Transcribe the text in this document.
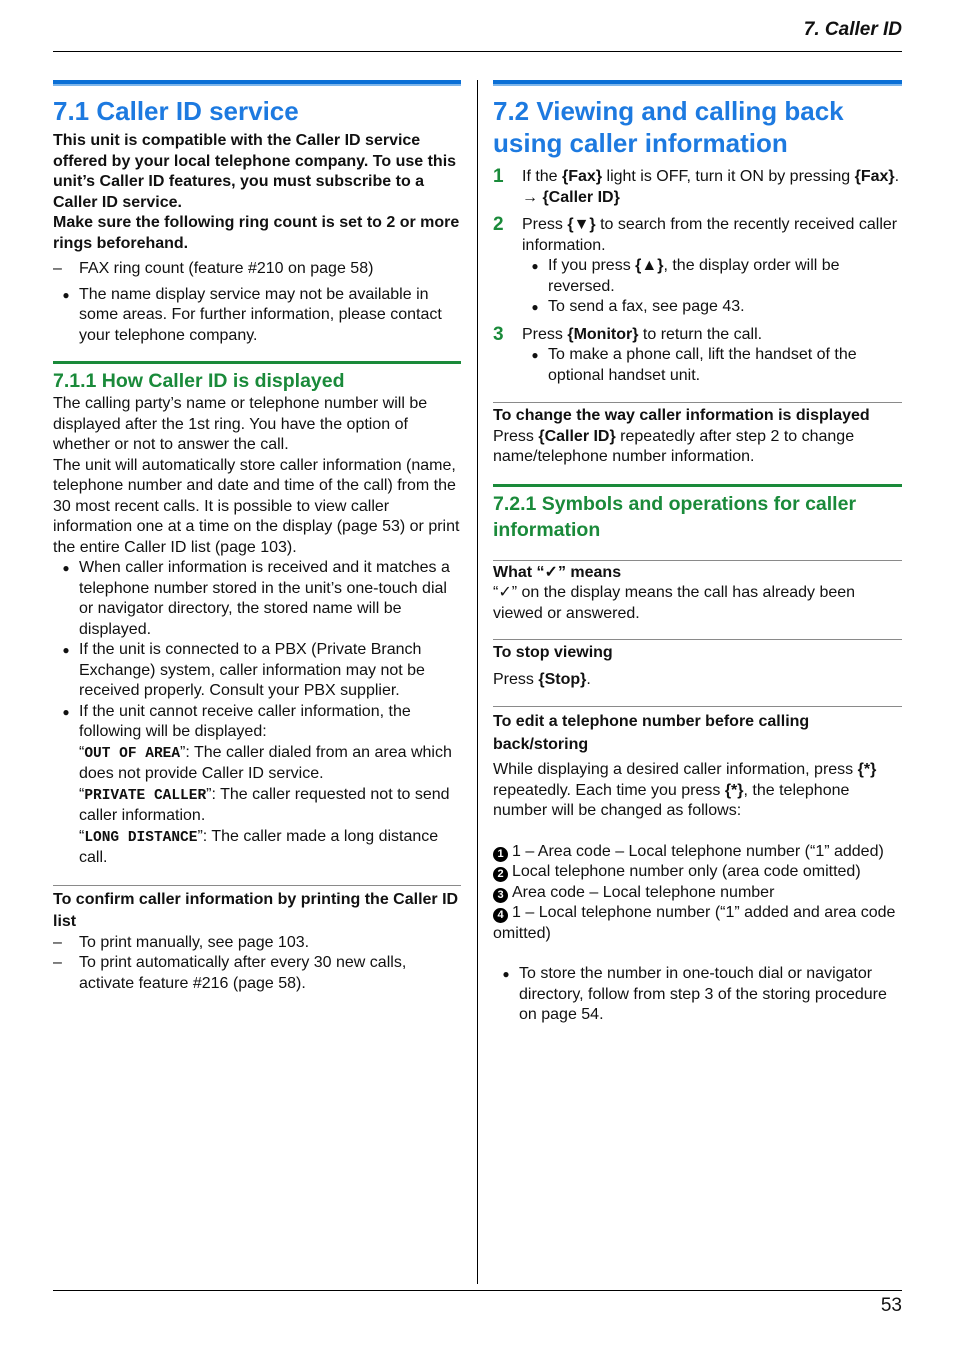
7. Caller ID
53
7.1 Caller ID service

This unit is compatible with the Caller ID service offered by your local telephone company. To use this unit’s Caller ID features, you must subscribe to a Caller ID service.

Make sure the following ring count is set to 2 or more rings beforehand.

–	FAX ring count (feature #210 on page 58)
● The name display service may not be available in some areas. For further information, please contact your telephone company.
7.1.1 How Caller ID is displayed

The calling party’s name or telephone number will be displayed after the 1st ring. You have the option of whether or not to answer the call.

The unit will automatically store caller information (name, telephone number and date and time of the call) from the 30 most recent calls. It is possible to view caller information one at a time on the display (page 53) or print the entire Caller ID list (page 103).

● When caller information is received and it matches a telephone number stored in the unit’s one-touch dial or navigator directory, the stored name will be displayed.
● If the unit is connected to a PBX (Private Branch Exchange) system, caller information may not be received properly. Consult your PBX supplier.
● If the unit cannot receive caller information, the following will be displayed:
“OUT OF AREA”: The caller dialed from an area which does not provide Caller ID service.
“PRIVATE CALLER”: The caller requested not to send caller information.
“LONG DISTANCE”: The caller made a long distance call.

To confirm caller information by printing the Caller ID list

–	To print manually, see page 103.
–	To print automatically after every 30 new calls, activate feature #216 (page 58).
7.2 Viewing and calling back using caller information
1	If the {Fax} light is OFF, turn it ON by pressing {Fax}. → {Caller ID}
2	Press {▼} to search from the recently received caller information.
● If you press {▲}, the display order will be reversed.
● To send a fax, see page 43.
3	Press {Monitor} to return the call.
● To make a phone call, lift the handset of the optional handset unit.

To change the way caller information is displayed

Press {Caller ID} repeatedly after step 2 to change name/telephone number information.

7.2.1 Symbols and operations for caller information

What “✓” means

“✓” on the display means the call has already been viewed or answered.

To stop viewing

Press {Stop}.

To edit a telephone number before calling back/storing

While displaying a desired caller information, press {*} repeatedly. Each time you press {*}, the telephone number will be changed as follows:

1 1 – Area code – Local telephone number (“1” added)
2 Local telephone number only (area code omitted)
3 Area code – Local telephone number
4 1 – Local telephone number (“1” added and area code omitted)
● To store the number in one-touch dial or navigator directory, follow from step 3 of the storing procedure on page 54.
